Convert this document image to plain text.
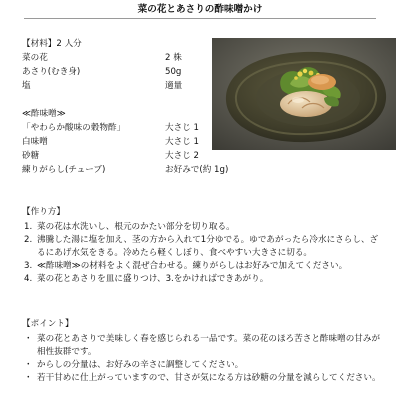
菜の花とあさりの酢味噌かけ
【材料】2 人分
菜の花	2 株
あさり(むき身)	50g
塩	適量
≪酢味噌≫
「やわらか酸味の穀物酢」	大さじ 1
白味噌	大さじ 1
砂糖	大さじ 2
練りがらし(チューブ)	お好みで(約 1g)
【作り方】
1. 菜の花は水洗いし、根元のかたい部分を切り取る。
2. 沸騰した湯に塩を加え、茎の方から入れて1分ゆでる。ゆであがったら冷水にさらし、ざるにあげ水気をきる。冷めたら軽くしぼり、食べやすい大きさに切る。
3. ≪酢味噌≫の材料をよく混ぜ合わせる。練りがらしはお好みで加えてください。
4. 菜の花とあさりを皿に盛りつけ、3.をかければできあがり。
【ポイント】
・ 菜の花とあさりで美味しく春を感じられる一品です。菜の花のほろ苦さと酢味噌の甘みが相性抜群です。
・ からしの分量は、お好みの辛さに調整してください。
・ 若干甘めに仕上がっていますので、甘さが気になる方は砂糖の分量を減らしてください。
